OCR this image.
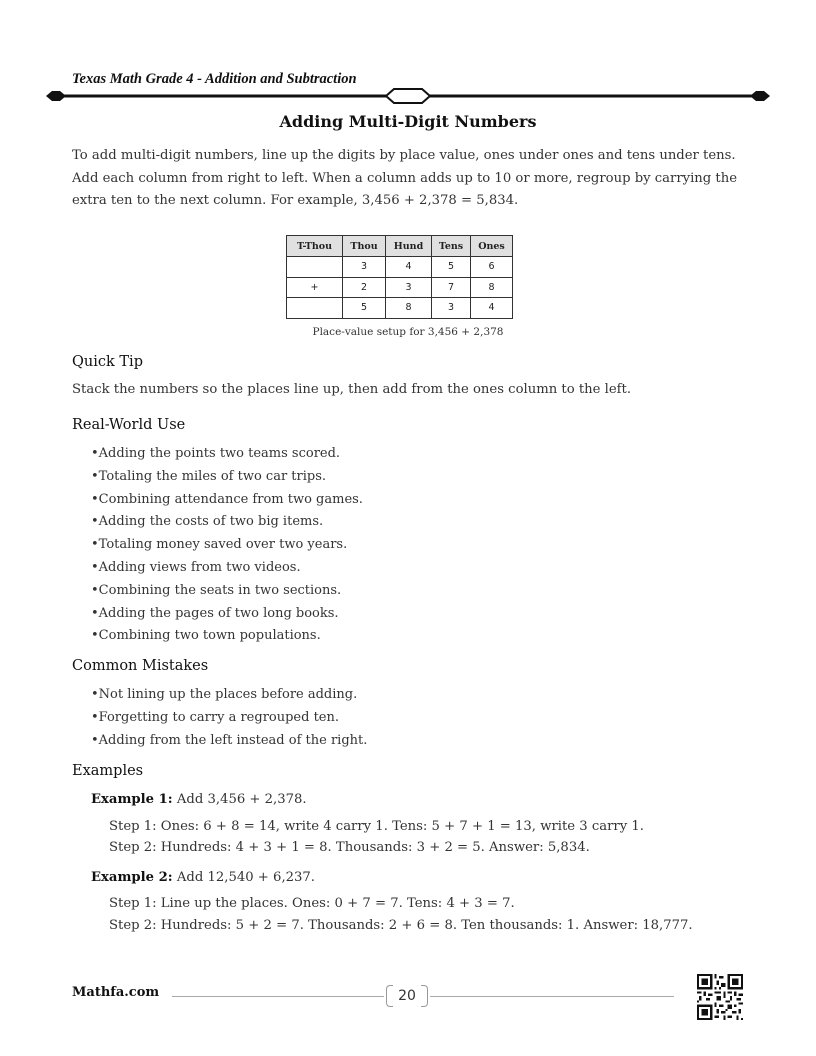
Texas Math Grade 4 - Addition and Subtraction
Adding Multi-Digit Numbers
To add multi-digit numbers, line up the digits by place value, ones under ones and tens under tens. Add each column from right to left. When a column adds up to 10 or more, regroup by carrying the extra ten to the next column. For example, 3,456 + 2,378 = 5,834.
T-Thou	Thou	Hund	Tens	Ones
	3	4	5	6
+	2	3	7	8
	5	8	3	4
Place-value setup for 3,456 + 2,378
Quick Tip
Stack the numbers so the places line up, then add from the ones column to the left.
Real-World Use
• Adding the points two teams scored.
• Totaling the miles of two car trips.
• Combining attendance from two games.
• Adding the costs of two big items.
• Totaling money saved over two years.
• Adding views from two videos.
• Combining the seats in two sections.
• Adding the pages of two long books.
• Combining two town populations.
Common Mistakes
• Not lining up the places before adding.
• Forgetting to carry a regrouped ten.
• Adding from the left instead of the right.
Examples
Example 1: Add 3,456 + 2,378.
Step 1: Ones: 6 + 8 = 14, write 4 carry 1. Tens: 5 + 7 + 1 = 13, write 3 carry 1.
Step 2: Hundreds: 4 + 3 + 1 = 8. Thousands: 3 + 2 = 5. Answer: 5,834.
Example 2: Add 12,540 + 6,237.
Step 1: Line up the places. Ones: 0 + 7 = 7. Tens: 4 + 3 = 7.
Step 2: Hundreds: 5 + 2 = 7. Thousands: 2 + 6 = 8. Ten thousands: 1. Answer: 18,777.
Mathfa.com	20
